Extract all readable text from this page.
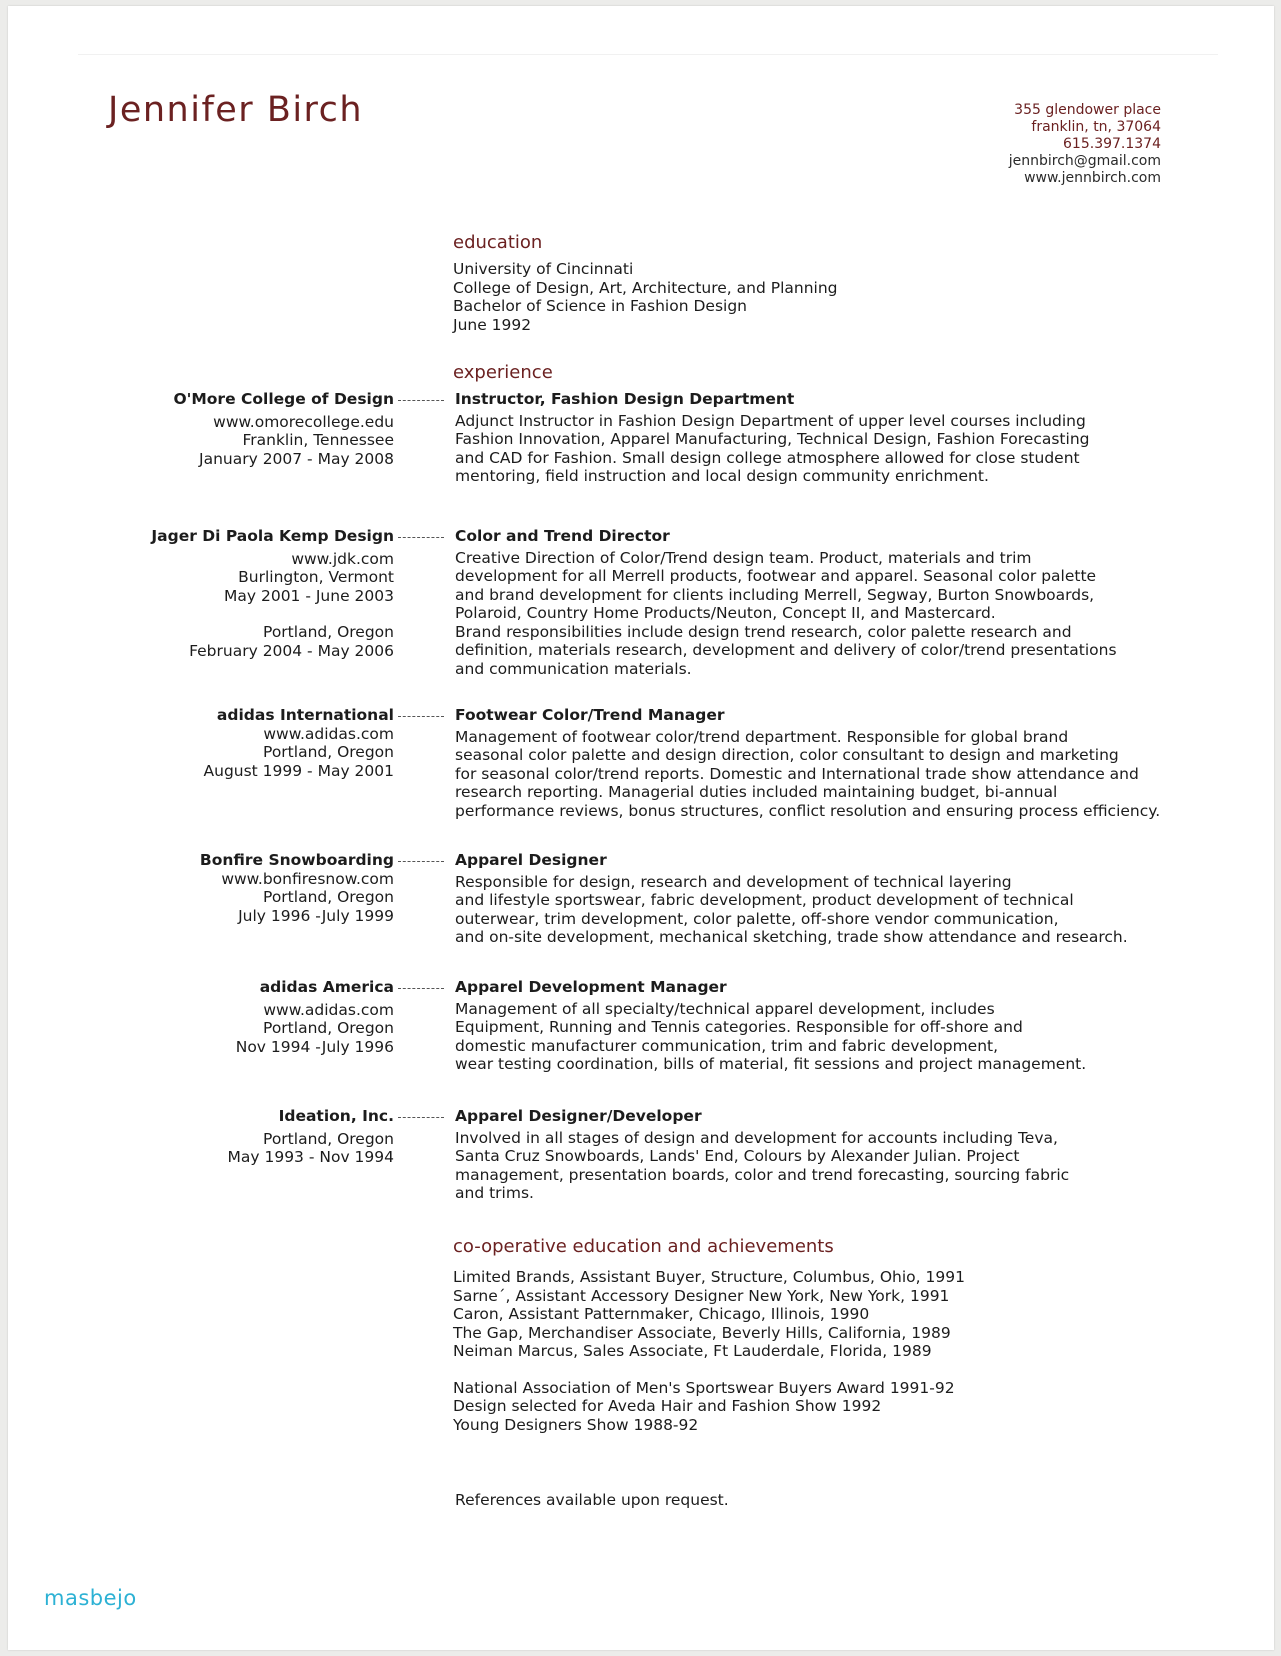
Jennifer Birch	355 glendower place
franklin, tn, 37064
615.397.1374
jennbirch@gmail.com
www.jennbirch.com
education
University of Cincinnati
College of Design, Art, Architecture, and Planning
Bachelor of Science in Fashion Design
June 1992
experience
O'More College of Design
www.omorecollege.edu
Franklin, Tennessee
January 2007 - May 2008
Instructor, Fashion Design Department
Adjunct Instructor in Fashion Design Department of upper level courses including
Fashion Innovation, Apparel Manufacturing, Technical Design, Fashion Forecasting
and CAD for Fashion. Small design college atmosphere allowed for close student
mentoring, field instruction and local design community enrichment.
Jager Di Paola Kemp Design
www.jdk.com
Burlington, Vermont
May 2001 - June 2003
Portland, Oregon
February 2004 - May 2006
Color and Trend Director
Creative Direction of Color/Trend design team. Product, materials and trim
development for all Merrell products, footwear and apparel. Seasonal color palette
and brand development for clients including Merrell, Segway, Burton Snowboards,
Polaroid, Country Home Products/Neuton, Concept II, and Mastercard.
Brand responsibilities include design trend research, color palette research and
definition, materials research, development and delivery of color/trend presentations
and communication materials.
adidas International
www.adidas.com
Portland, Oregon
August 1999 - May 2001
Footwear Color/Trend Manager
Management of footwear color/trend department. Responsible for global brand
seasonal color palette and design direction, color consultant to design and marketing
for seasonal color/trend reports. Domestic and International trade show attendance and
research reporting. Managerial duties included maintaining budget, bi-annual
performance reviews, bonus structures, conflict resolution and ensuring process efficiency.
Bonfire Snowboarding
www.bonfiresnow.com
Portland, Oregon
July 1996 -July 1999
Apparel Designer
Responsible for design, research and development of technical layering
and lifestyle sportswear, fabric development, product development of technical
outerwear, trim development, color palette, off-shore vendor communication,
and on-site development, mechanical sketching, trade show attendance and research.
adidas America
www.adidas.com
Portland, Oregon
Nov 1994 -July 1996
Apparel Development Manager
Management of all specialty/technical apparel development, includes
Equipment, Running and Tennis categories. Responsible for off-shore and
domestic manufacturer communication, trim and fabric development,
wear testing coordination, bills of material, fit sessions and project management.
Ideation, Inc.
Portland, Oregon
May 1993 - Nov 1994
Apparel Designer/Developer
Involved in all stages of design and development for accounts including Teva,
Santa Cruz Snowboards, Lands' End, Colours by Alexander Julian. Project
management, presentation boards, color and trend forecasting, sourcing fabric
and trims.
co-operative education and achievements
Limited Brands, Assistant Buyer, Structure, Columbus, Ohio, 1991
Sarne´, Assistant Accessory Designer New York, New York, 1991
Caron, Assistant Patternmaker, Chicago, Illinois, 1990
The Gap, Merchandiser Associate, Beverly Hills, California, 1989
Neiman Marcus, Sales Associate, Ft Lauderdale, Florida, 1989
National Association of Men's Sportswear Buyers Award 1991-92
Design selected for Aveda Hair and Fashion Show 1992
Young Designers Show 1988-92
References available upon request.
masbejo
